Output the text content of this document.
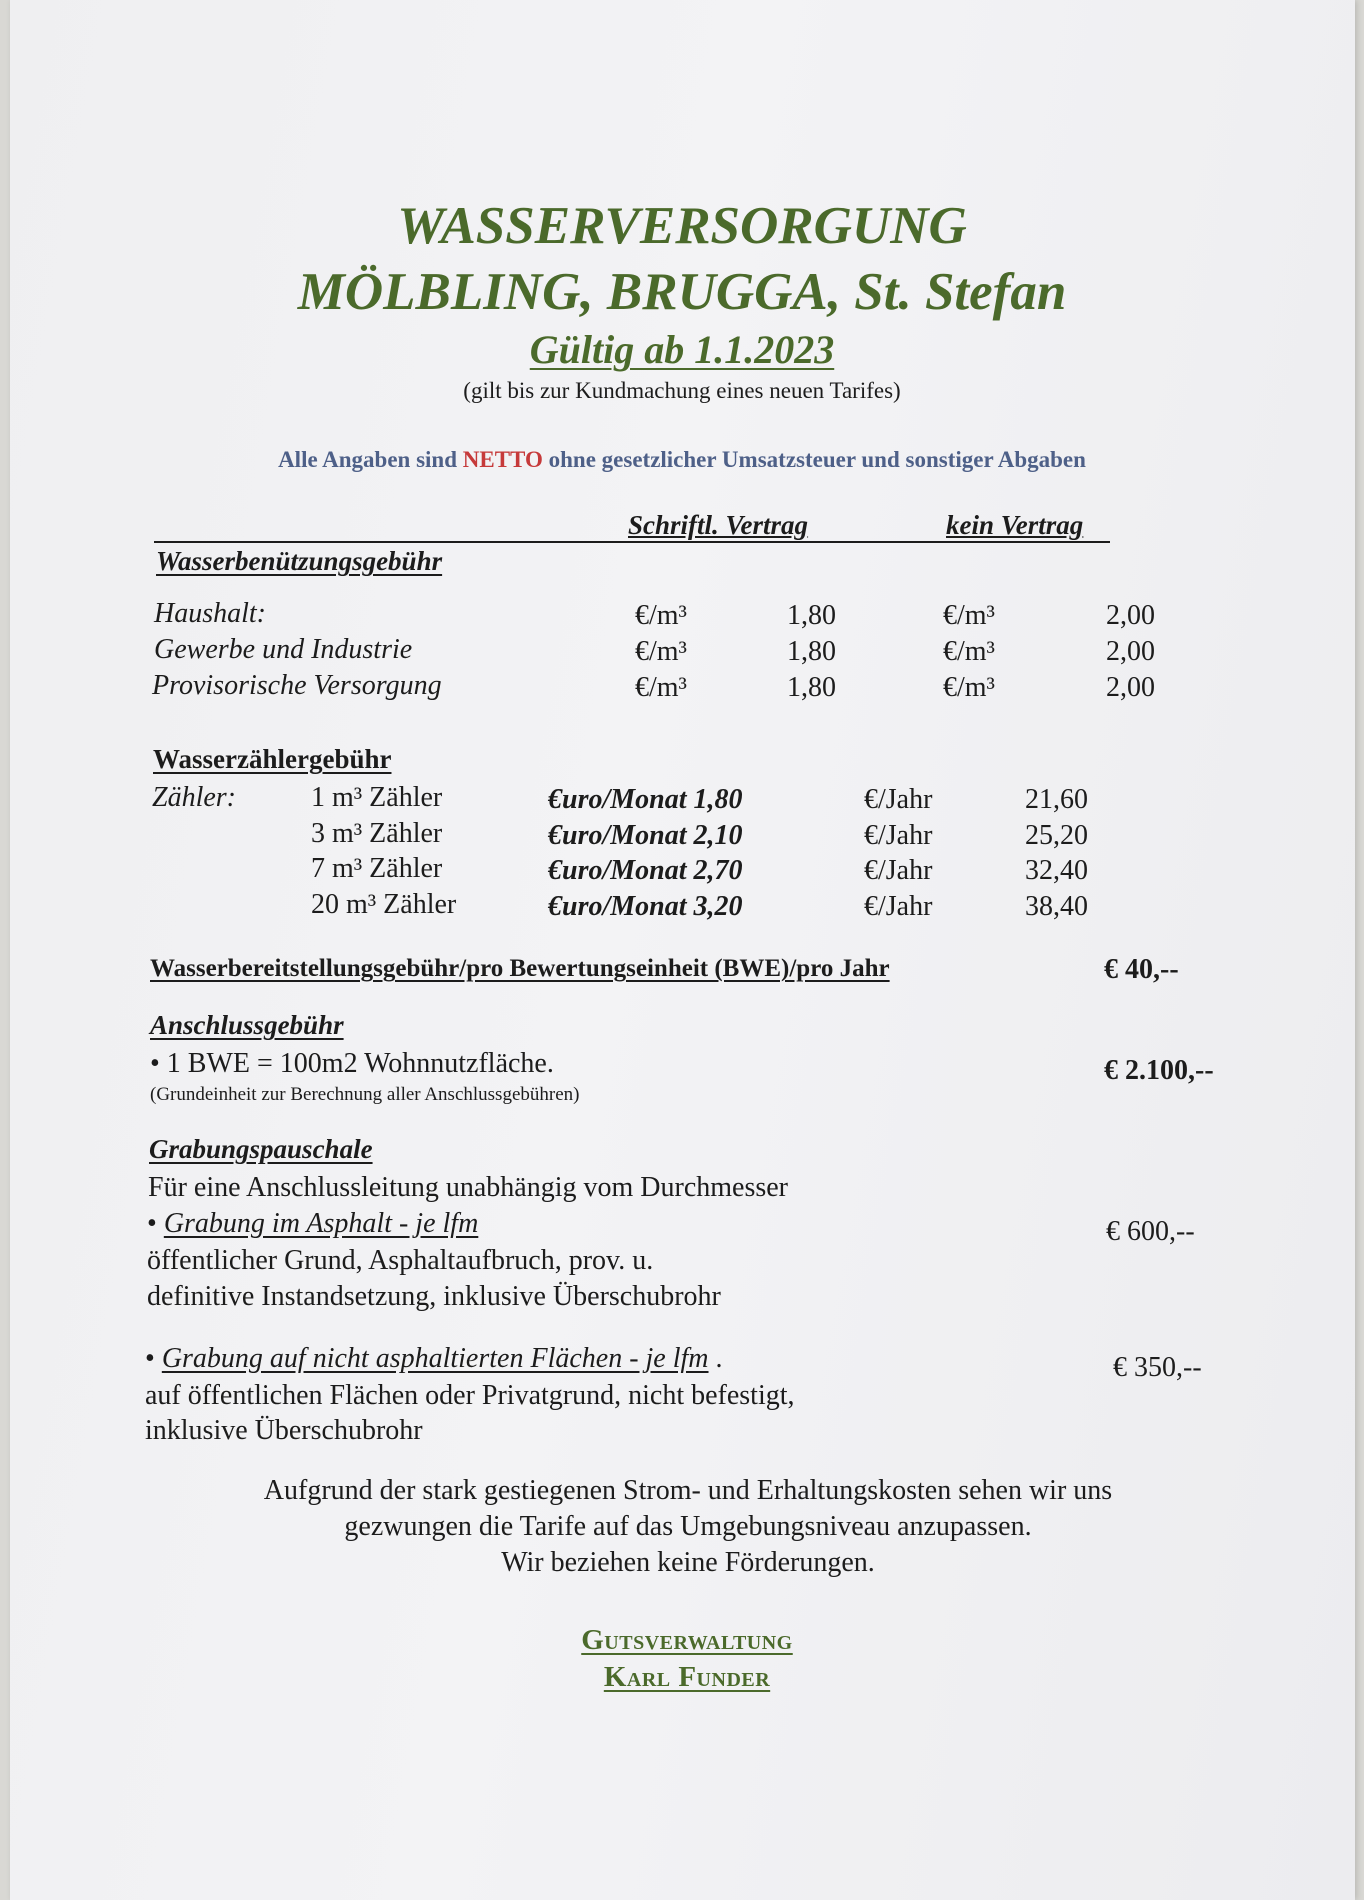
WASSERVERSORGUNG
MÖLBLING, BRUGGA, St. Stefan
Gültig ab 1.1.2023
(gilt bis zur Kundmachung eines neuen Tarifes)
Alle Angaben sind NETTO ohne gesetzlicher Umsatzsteuer und sonstiger Abgaben
Schriftl. Vertrag	kein Vertrag
Wasserbenützungsgebühr
Haushalt:	€/m³	1,80	€/m³	2,00
Gewerbe und Industrie	€/m³	1,80	€/m³	2,00
Provisorische Versorgung	€/m³	1,80	€/m³	2,00
Wasserzählergebühr
Zähler:	1 m³ Zähler	€uro/Monat 1,80	€/Jahr	21,60
3 m³ Zähler	€uro/Monat 2,10	€/Jahr	25,20
7 m³ Zähler	€uro/Monat 2,70	€/Jahr	32,40
20 m³ Zähler	€uro/Monat 3,20	€/Jahr	38,40
Wasserbereitstellungsgebühr/pro Bewertungseinheit (BWE)/pro Jahr	€ 40,--
Anschlussgebühr
• 1 BWE = 100m2 Wohnnutzfläche.
(Grundeinheit zur Berechnung aller Anschlussgebühren)
€ 2.100,--
Grabungspauschale
Für eine Anschlussleitung unabhängig vom Durchmesser
• Grabung im Asphalt - je lfm	€ 600,--
öffentlicher Grund, Asphaltaufbruch, prov. u.
definitive Instandsetzung, inklusive Überschubrohr
• Grabung auf nicht asphaltierten Flächen - je lfm .	€ 350,--
auf öffentlichen Flächen oder Privatgrund, nicht befestigt,
inklusive Überschubrohr
Aufgrund der stark gestiegenen Strom- und Erhaltungskosten sehen wir uns
gezwungen die Tarife auf das Umgebungsniveau anzupassen.
Wir beziehen keine Förderungen.
Gutsverwaltung
Karl Funder
